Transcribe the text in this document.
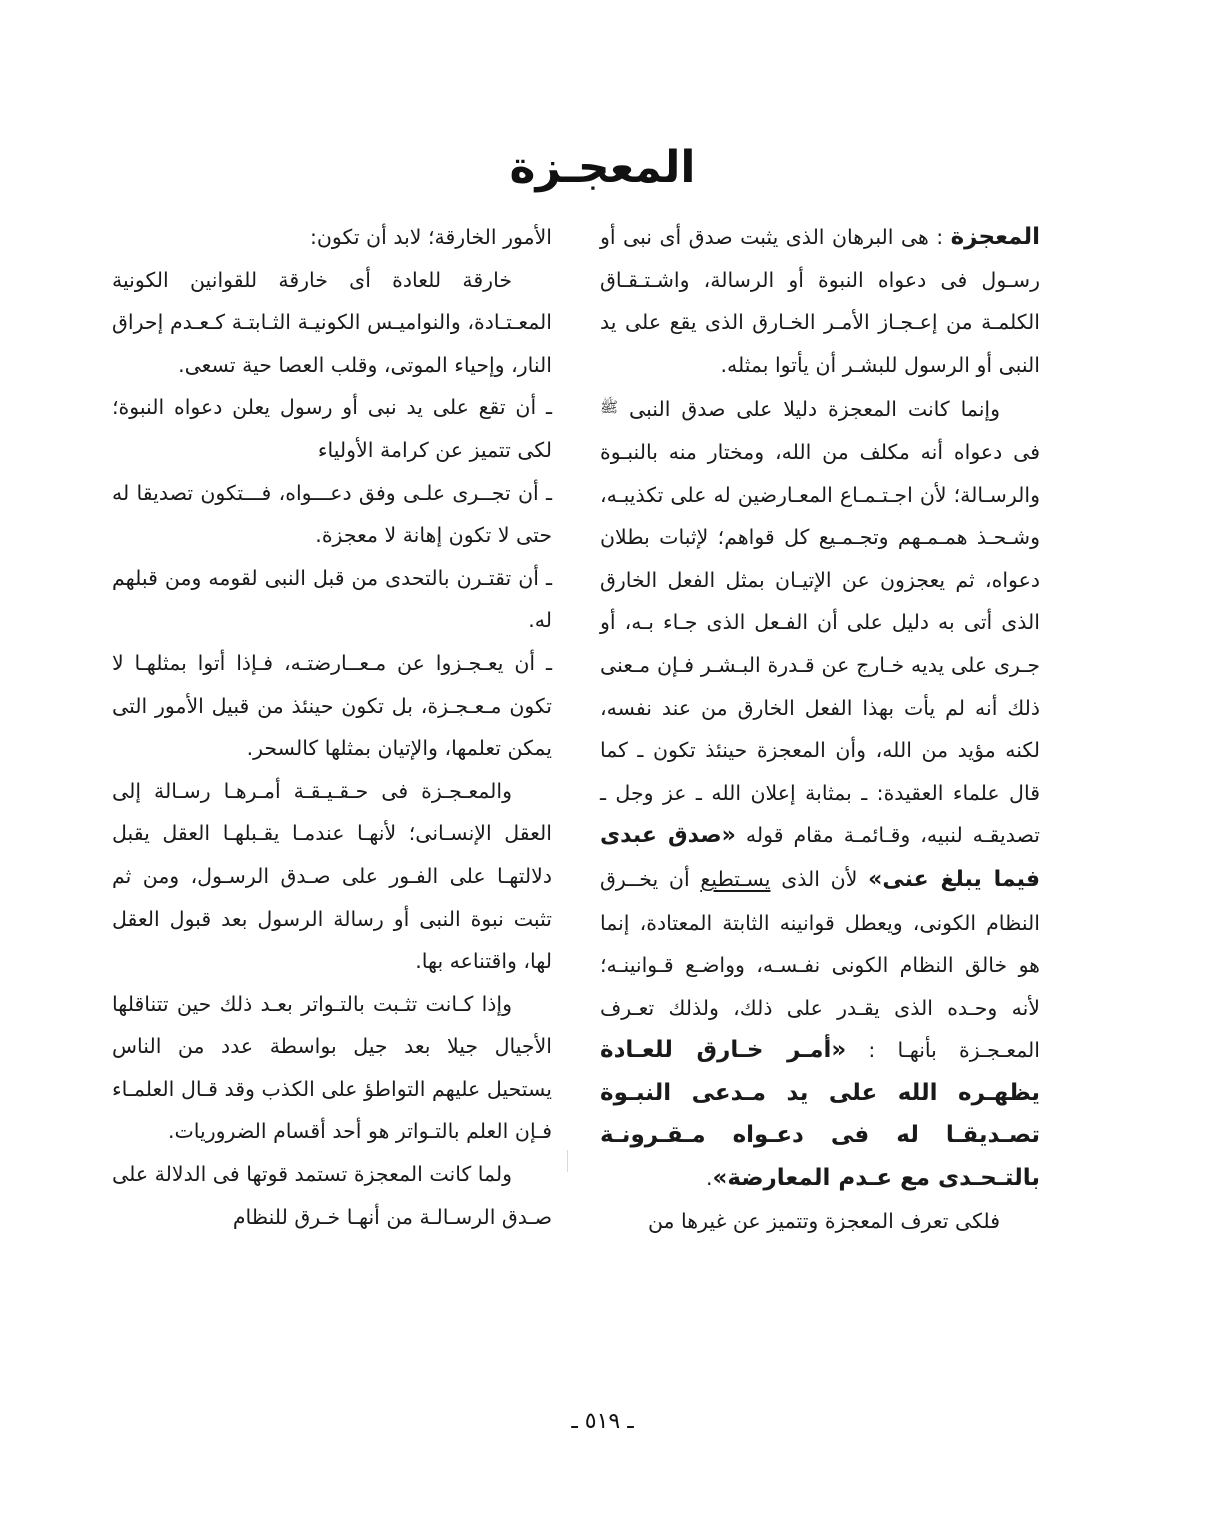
المعجـزة

المعجزة : هى البرهان الذى يثبت صدق أى نبى أو رسـول فى دعواه النبوة أو الرسالة، واشـتـقـاق الكلمـة من إعـجـاز الأمـر الخـارق الذى يقع على يد النبى أو الرسول للبشـر أن يأتوا بمثله.

وإنما كانت المعجزة دليلا على صدق النبى ﷺ فى دعواه أنه مكلف من الله، ومختار منه بالنبـوة والرسـالة؛ لأن اجـتـمـاع المعـارضين له على تكذيبـه، وشـحـذ همـمـهم وتجـمـيع كل قواهم؛ لإثبات بطلان دعواه، ثم يعجزون عن الإتيـان بمثل الفعل الخارق الذى أتى به دليل على أن الفـعل الذى جـاء بـه، أو جـرى على يديه خـارج عن قـدرة البـشـر فـإن مـعنى ذلك أنه لم يأت بهذا الفعل الخارق من عند نفسه، لكنه مؤيد من الله، وأن المعجزة حينئذ تكون ـ كما قال علماء العقيدة: ـ بمثابة إعلان الله ـ عز وجل ـ تصديقـه لنبيه، وقـائمـة مقام قوله «صدق عبدى فيما يبلغ عنى» لأن الذى يسـتطيع أن يخــرق النظام الكونى، ويعطل قوانينه الثابتة المعتادة، إنما هو خالق النظام الكونى نفـسـه، وواضـع قـوانينـه؛ لأنه وحـده الذى يقـدر على ذلك، ولذلك تعـرف المعـجـزة بأنهـا : «أمـر خـارق للعـادة يظهـره الله على يد مـدعى النبـوة تصـديقـا له فى دعـواه مـقـرونـة بالتـحـدى مع عـدم المعارضة».

فلكى تعرف المعجزة وتتميز عن غيرها من

الأمور الخارقة؛ لابد أن تكون:

خارقة للعادة أى خارقة للقوانين الكونية المعـتـادة، والنواميـس الكونيـة الثـابتـة كـعـدم إحراق النار، وإحياء الموتى، وقلب العصا حية تسعى.

ـ أن تقع على يد نبى أو رسول يعلن دعواه النبوة؛ لكى تتميز عن كرامة الأولياء

ـ أن تجــرى علـى وفق دعـــواه، فـــتكون تصديقا له حتى لا تكون إهانة لا معجزة.

ـ أن تقتـرن بالتحدى من قبل النبى لقومه ومن قبلهم له.

ـ أن يعـجـزوا عن مـعــارضتـه، فـإذا أتوا بمثلهـا لا تكون مـعـجـزة، بل تكون حينئذ من قبيل الأمور التى يمكن تعلمها، والإتيان بمثلها كالسحر.

والمعـجـزة فى حـقـيـقـة أمـرهـا رسـالة إلى العقل الإنسـانى؛ لأنهـا عندمـا يقـبلهـا العقل يقبل دلالتهـا على الفـور على صـدق الرسـول، ومن ثم تثبت نبوة النبى أو رسالة الرسول بعد قبول العقل لها، واقتناعه بها.

وإذا كـانت تثـبت بالتـواتر بعـد ذلك حين تتناقلها الأجيال جيلا بعد جيل بواسطة عدد من الناس يستحيل عليهم التواطؤ على الكذب وقد قـال العلمـاء فـإن العلم بالتـواتر هو أحد أقسام الضروريات.

ولما كانت المعجزة تستمد قوتها فى الدلالة على صـدق الرسـالـة من أنهـا خـرق للنظام

ـ ٥١٩ ـ
